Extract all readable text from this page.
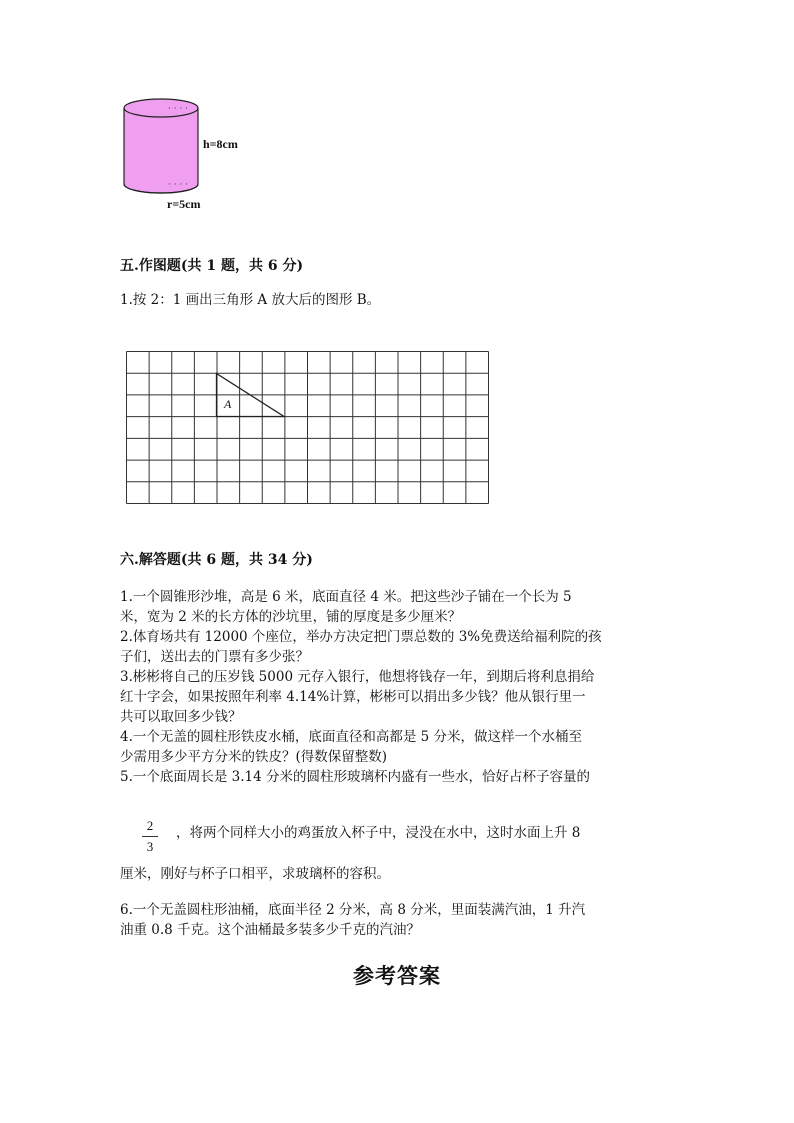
· · · ·
· · · ·
h=8cm
r=5cm
五.作图题(共 1 题，共 6 分)
1.按 2：1 画出三角形 A 放大后的图形 B。
A
六.解答题(共 6 题，共 34 分)
1.一个圆锥形沙堆，高是 6 米，底面直径 4 米。把这些沙子铺在一个长为 5
米，宽为 2 米的长方体的沙坑里，铺的厚度是多少厘米？
2.体育场共有 12000 个座位，举办方决定把门票总数的 3%免费送给福利院的孩
子们，送出去的门票有多少张？
3.彬彬将自己的压岁钱 5000 元存入银行，他想将钱存一年，到期后将利息捐给
红十字会，如果按照年利率 4.14%计算，彬彬可以捐出多少钱？他从银行里一
共可以取回多少钱？
4.一个无盖的圆柱形铁皮水桶，底面直径和高都是 5 分米，做这样一个水桶至
少需用多少平方分米的铁皮？(得数保留整数)
5.一个底面周长是 3.14 分米的圆柱形玻璃杯内盛有一些水，恰好占杯子容量的
2
3
，将两个同样大小的鸡蛋放入杯子中，浸没在水中，这时水面上升 8
厘米，刚好与杯子口相平，求玻璃杯的容积。
6.一个无盖圆柱形油桶，底面半径 2 分米，高 8 分米，里面装满汽油，1 升汽
油重 0.8 千克。这个油桶最多装多少千克的汽油？
参考答案
